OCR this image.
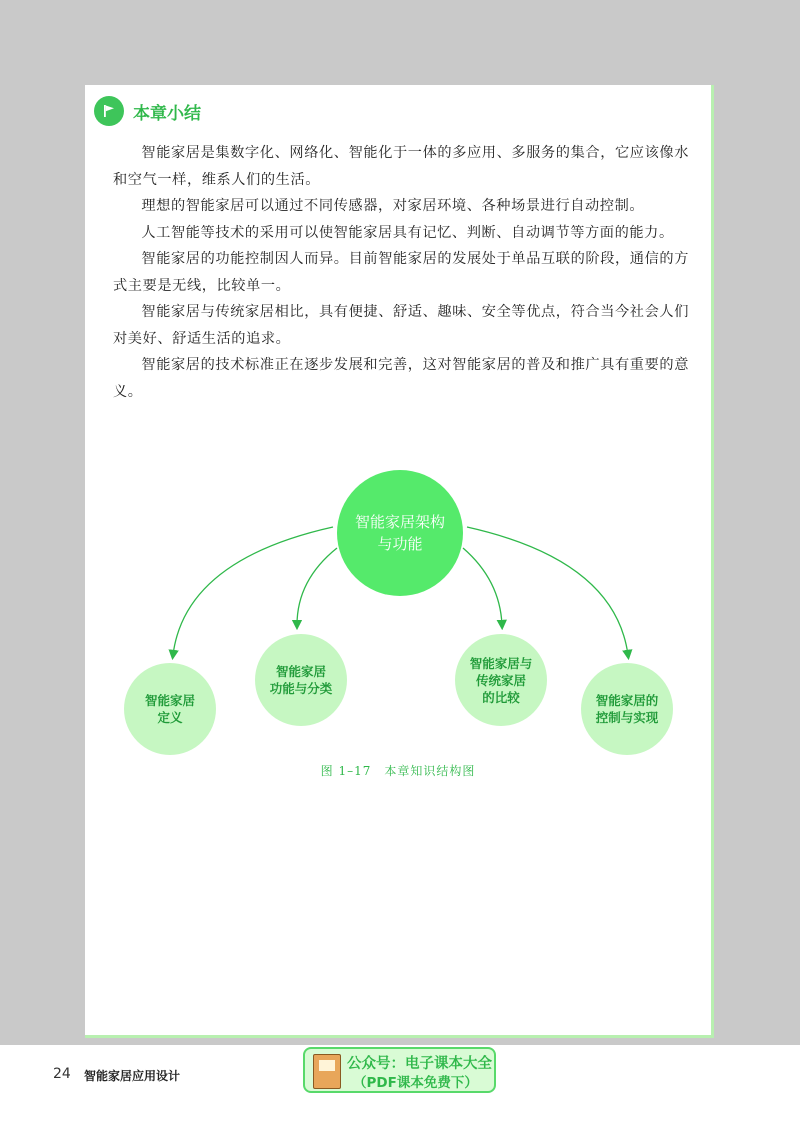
本章小结

智能家居是集数字化、网络化、智能化于一体的多应用、多服务的集合，它应该像水和空气一样，维系人们的生活。

理想的智能家居可以通过不同传感器，对家居环境、各种场景进行自动控制。

人工智能等技术的采用可以使智能家居具有记忆、判断、自动调节等方面的能力。

智能家居的功能控制因人而异。目前智能家居的发展处于单品互联的阶段，通信的方式主要是无线，比较单一。

智能家居与传统家居相比，具有便捷、舒适、趣味、安全等优点，符合当今社会人们对美好、舒适生活的追求。

智能家居的技术标准正在逐步发展和完善，这对智能家居的普及和推广具有重要的意义。

智能家居架构
与功能
智能家居
定义
智能家居
功能与分类
智能家居与
传统家居
的比较	智能家居的
控制与实现
图 1–17　本章知识结构图
24 智能家居应用设计
公众号：电子课本大全
（PDF课本免费下）
